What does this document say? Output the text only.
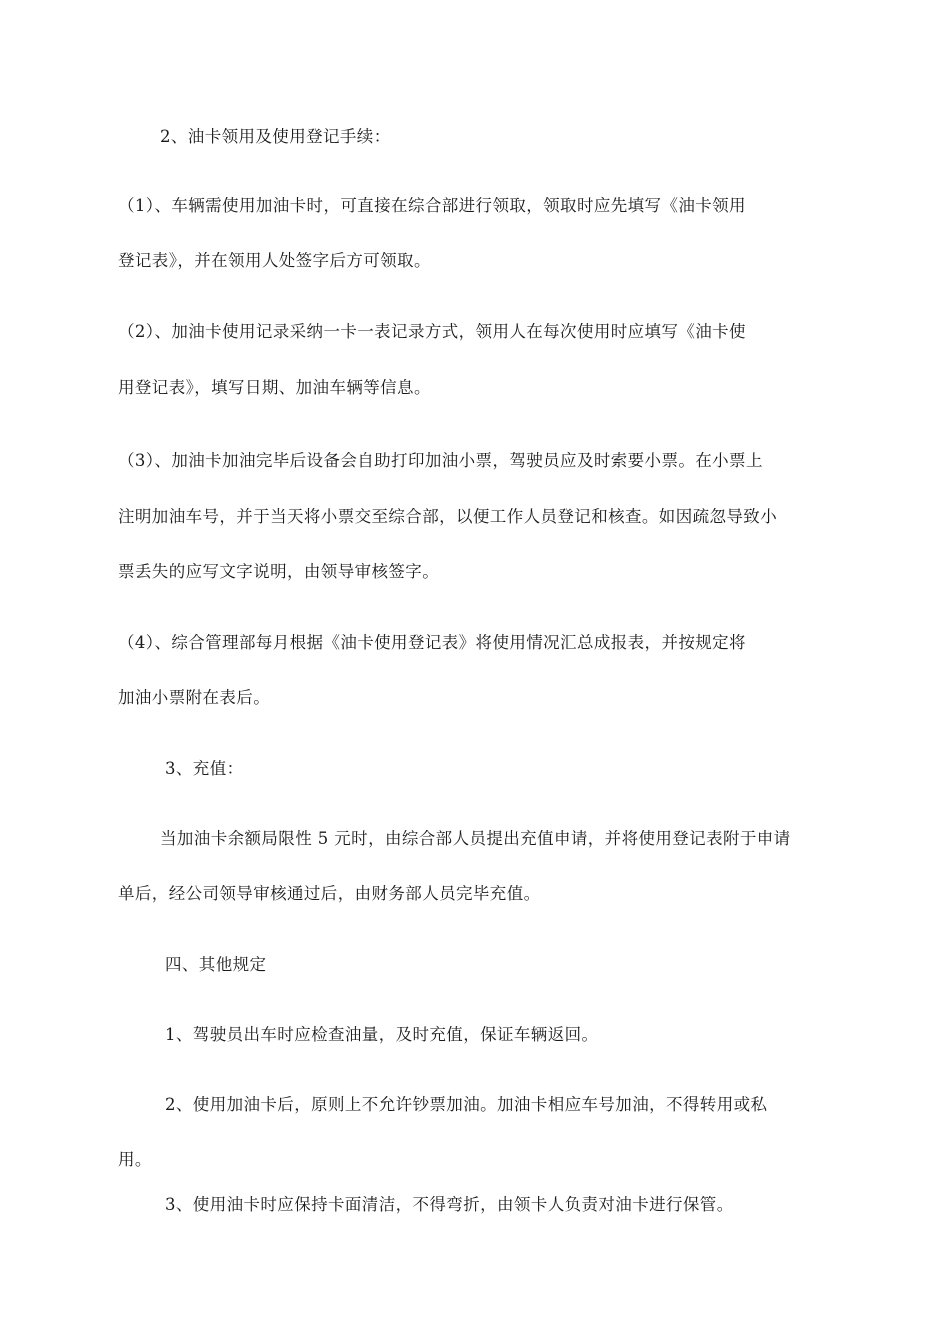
2、油卡领用及使用登记手续：
（1）、车辆需使用加油卡时，可直接在综合部进行领取，领取时应先填写《油卡领用
登记表》，并在领用人处签字后方可领取。
（2）、加油卡使用记录采纳一卡一表记录方式，领用人在每次使用时应填写《油卡使
用登记表》，填写日期、加油车辆等信息。
（3）、加油卡加油完毕后设备会自助打印加油小票，驾驶员应及时索要小票。在小票上
注明加油车号，并于当天将小票交至综合部，以便工作人员登记和核查。如因疏忽导致小
票丢失的应写文字说明，由领导审核签字。
（4）、综合管理部每月根据《油卡使用登记表》将使用情况汇总成报表，并按规定将
加油小票附在表后。
3、充值：
当加油卡余额局限性 5 元时，由综合部人员提出充值申请，并将使用登记表附于申请
单后，经公司领导审核通过后，由财务部人员完毕充值。
四、其他规定
1、驾驶员出车时应检查油量，及时充值，保证车辆返回。
2、使用加油卡后，原则上不允许钞票加油。加油卡相应车号加油，不得转用或私
用。
3、使用油卡时应保持卡面清洁，不得弯折，由领卡人负责对油卡进行保管。
